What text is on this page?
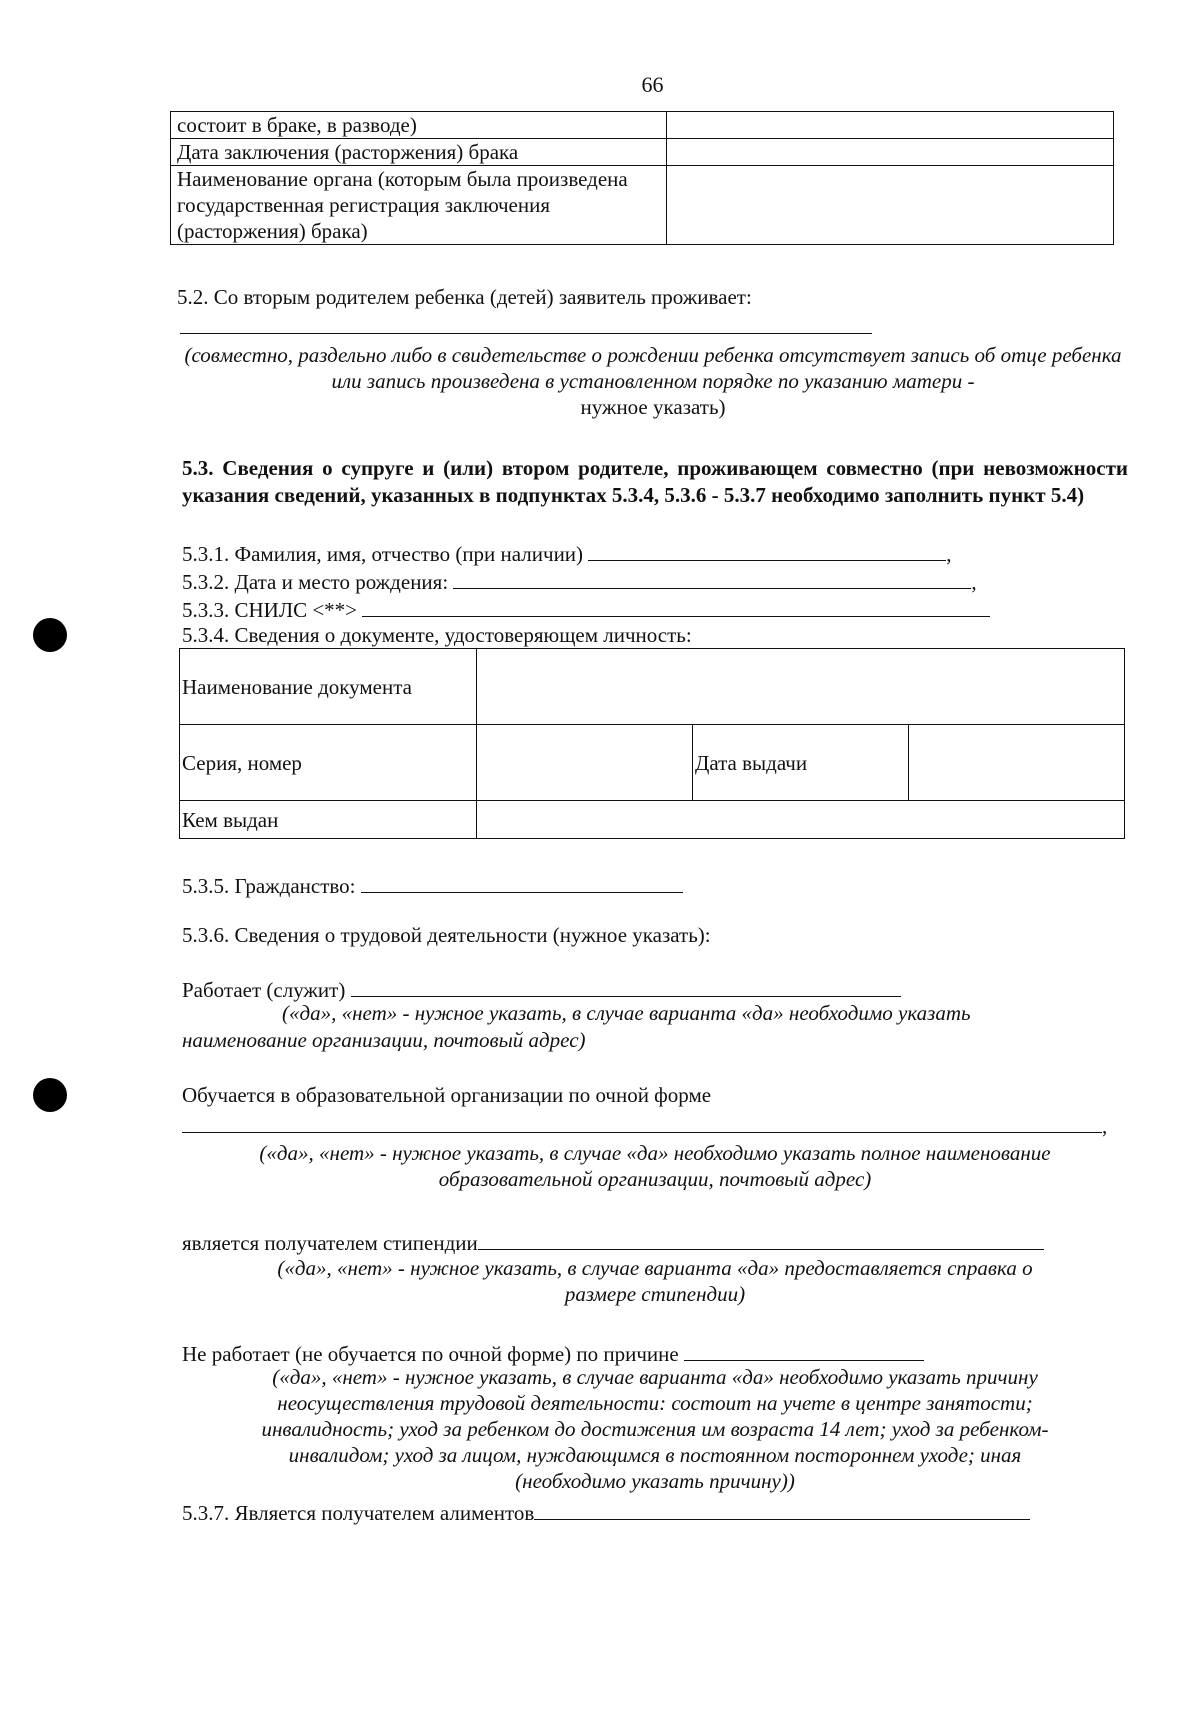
66
состоит в браке, в разводе)	
Дата заключения (расторжения) брака	
Наименование органа (которым была произведена государственная регистрация заключения (расторжения) брака)	
5.2. Со вторым родителем ребенка (детей) заявитель проживает:
(совместно, раздельно либо в свидетельстве о рождении ребенка отсутствует запись об отце ребенка или запись произведена в установленном порядке по указанию матери -
нужное указать)
5.3. Сведения о супруге и (или) втором родителе, проживающем совместно (при невозможности указания сведений, указанных в подпунктах 5.3.4, 5.3.6 - 5.3.7 необходимо заполнить пункт 5.4)
5.3.1. Фамилия, имя, отчество (при наличии)	,
5.3.2. Дата и место рождения:	,
5.3.3. СНИЛС <**>
5.3.4. Сведения о документе, удостоверяющем личность:
Наименование документа			
Серия, номер		Дата выдачи	
Кем выдан			
5.3.5. Гражданство:
5.3.6. Сведения о трудовой деятельности (нужное указать):
Работает (служит)
(«да», «нет» - нужное указать, в случае варианта «да» необходимо указать
наименование организации, почтовый адрес)
Обучается в образовательной организации по очной форме
,
(«да», «нет» - нужное указать, в случае «да» необходимо указать полное наименование
образовательной организации, почтовый адрес)
является получателем стипендии
(«да», «нет» - нужное указать, в случае варианта «да» предоставляется справка о
размере стипендии)
Не работает (не обучается по очной форме) по причине
(«да», «нет» - нужное указать, в случае варианта «да» необходимо указать причину
неосуществления трудовой деятельности: состоит на учете в центре занятости;
инвалидность; уход за ребенком до достижения им возраста 14 лет; уход за ребенком-
инвалидом; уход за лицом, нуждающимся в постоянном постороннем уходе; иная
(необходимо указать причину))
5.3.7. Является получателем алиментов
